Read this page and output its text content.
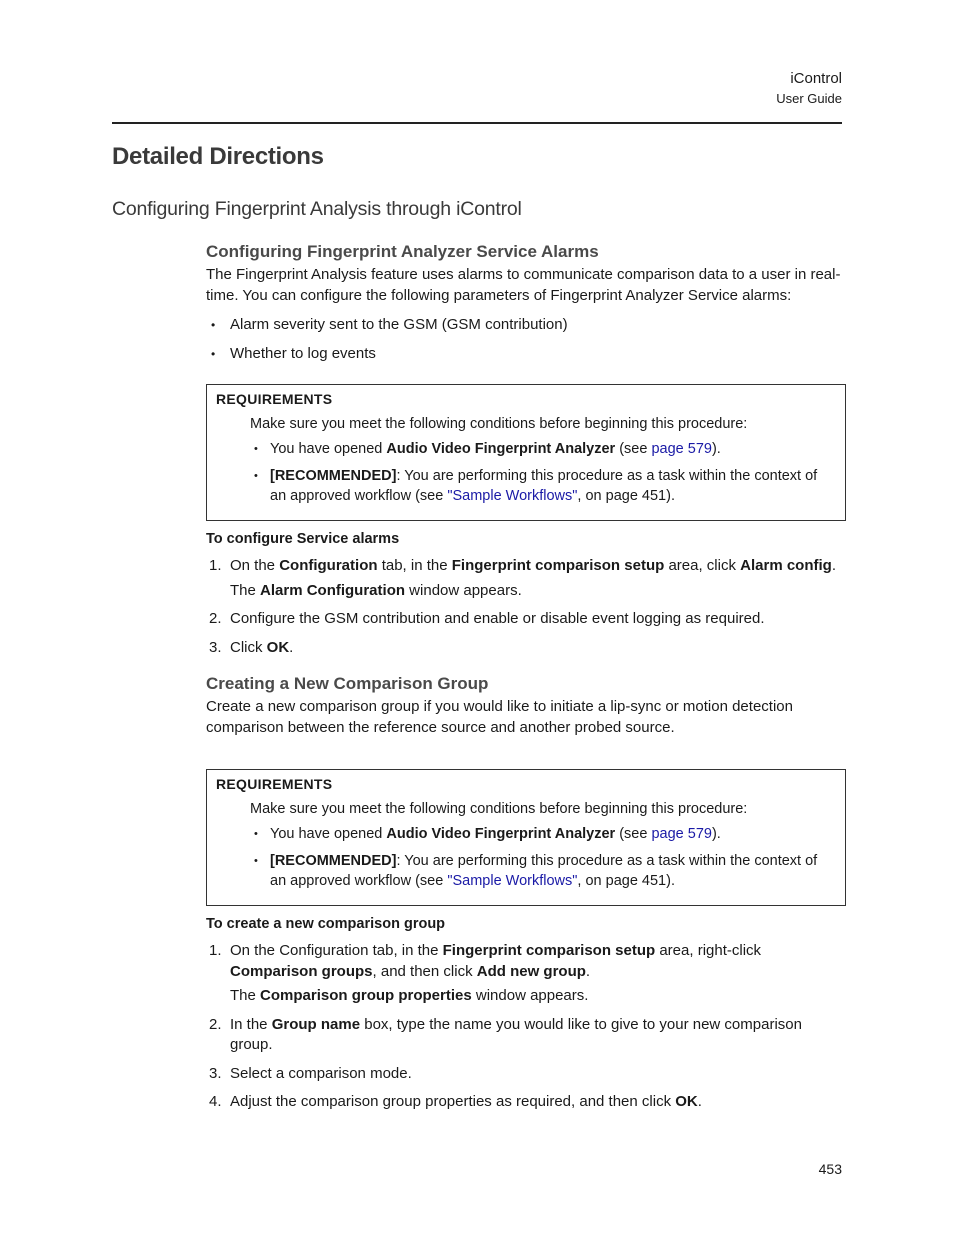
iControl
User Guide
Detailed Directions
Configuring Fingerprint Analysis through iControl
Configuring Fingerprint Analyzer Service Alarms

The Fingerprint Analysis feature uses alarms to communicate comparison data to a user in real-time. You can configure the following parameters of Fingerprint Analyzer Service alarms:

• Alarm severity sent to the GSM (GSM contribution)
• Whether to log events
REQUIREMENTS
Make sure you meet the following conditions before beginning this procedure:
• You have opened Audio Video Fingerprint Analyzer (see page 579).
• [RECOMMENDED]: You are performing this procedure as a task within the context of an approved workflow (see "Sample Workflows", on page 451).
To configure Service alarms
1. On the Configuration tab, in the Fingerprint comparison setup area, click Alarm config.
The Alarm Configuration window appears.
2. Configure the GSM contribution and enable or disable event logging as required.
3. Click OK.
Creating a New Comparison Group

Create a new comparison group if you would like to initiate a lip-sync or motion detection comparison between the reference source and another probed source.

REQUIREMENTS
Make sure you meet the following conditions before beginning this procedure:
• You have opened Audio Video Fingerprint Analyzer (see page 579).
• [RECOMMENDED]: You are performing this procedure as a task within the context of an approved workflow (see "Sample Workflows", on page 451).
To create a new comparison group
1. On the Configuration tab, in the Fingerprint comparison setup area, right-click Comparison groups, and then click Add new group.
The Comparison group properties window appears.
2. In the Group name box, type the name you would like to give to your new comparison group.
3. Select a comparison mode.
4. Adjust the comparison group properties as required, and then click OK.
453
